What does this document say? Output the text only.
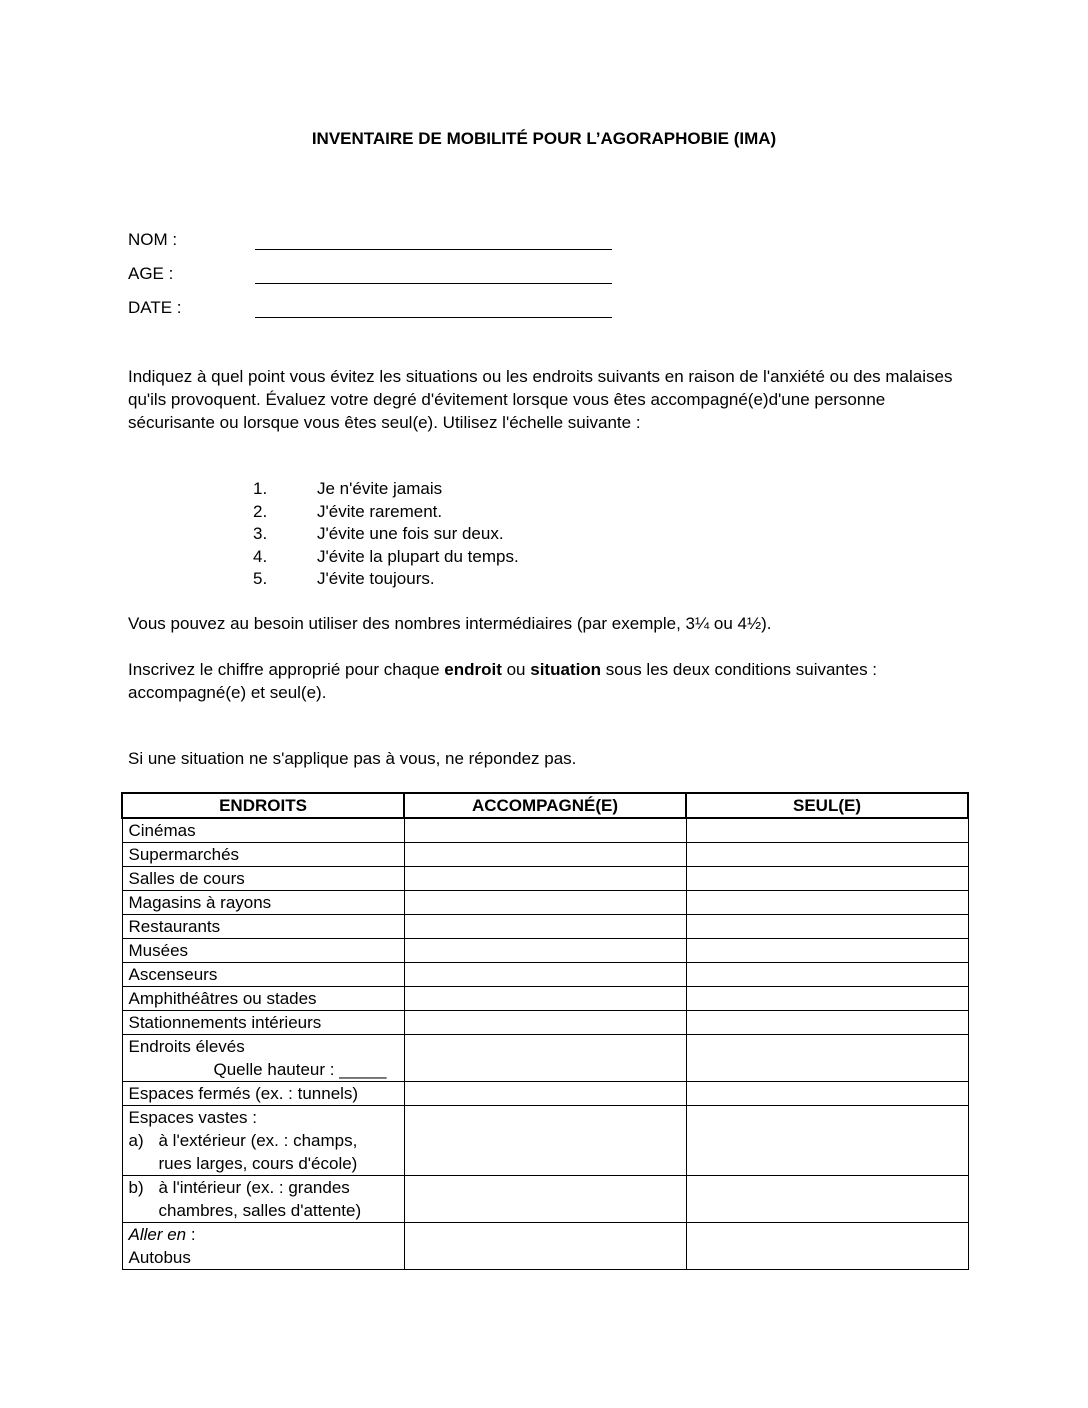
INVENTAIRE DE MOBILITÉ POUR L’AGORAPHOBIE (IMA)
NOM :
AGE :
DATE :
Indiquez à quel point vous évitez les situations ou les endroits suivants en raison de l'anxiété ou des malaises qu'ils provoquent. Évaluez votre degré d'évitement lorsque vous êtes accompagné(e)d'une personne sécurisante ou lorsque vous êtes seul(e). Utilisez l'échelle suivante :
1.	Je n'évite jamais
2.	J'évite rarement.
3.	J'évite une fois sur deux.
4.	J'évite la plupart du temps.
5.	J'évite toujours.
Vous pouvez au besoin utiliser des nombres intermédiaires (par exemple, 3¼ ou 4½).
Inscrivez le chiffre approprié pour chaque endroit ou situation sous les deux conditions suivantes :
accompagné(e) et seul(e).
Si une situation ne s'applique pas à vous, ne répondez pas.
ENDROITS	ACCOMPAGNÉ(E)	SEUL(E)
Cinémas		
Supermarchés		
Salles de cours		
Magasins à rayons		
Restaurants		
Musées		
Ascenseurs		
Amphithéâtres ou stades		
Stationnements intérieurs		

Endroits élevés
Quelle hauteur : _____		

Espaces fermés (ex. : tunnels)		

Espaces vastes :
a) à l'extérieur (ex. : champs,
rues larges, cours d'école)		

b) à l'intérieur (ex. : grandes
chambres, salles d'attente)		

Aller en :
Autobus		
